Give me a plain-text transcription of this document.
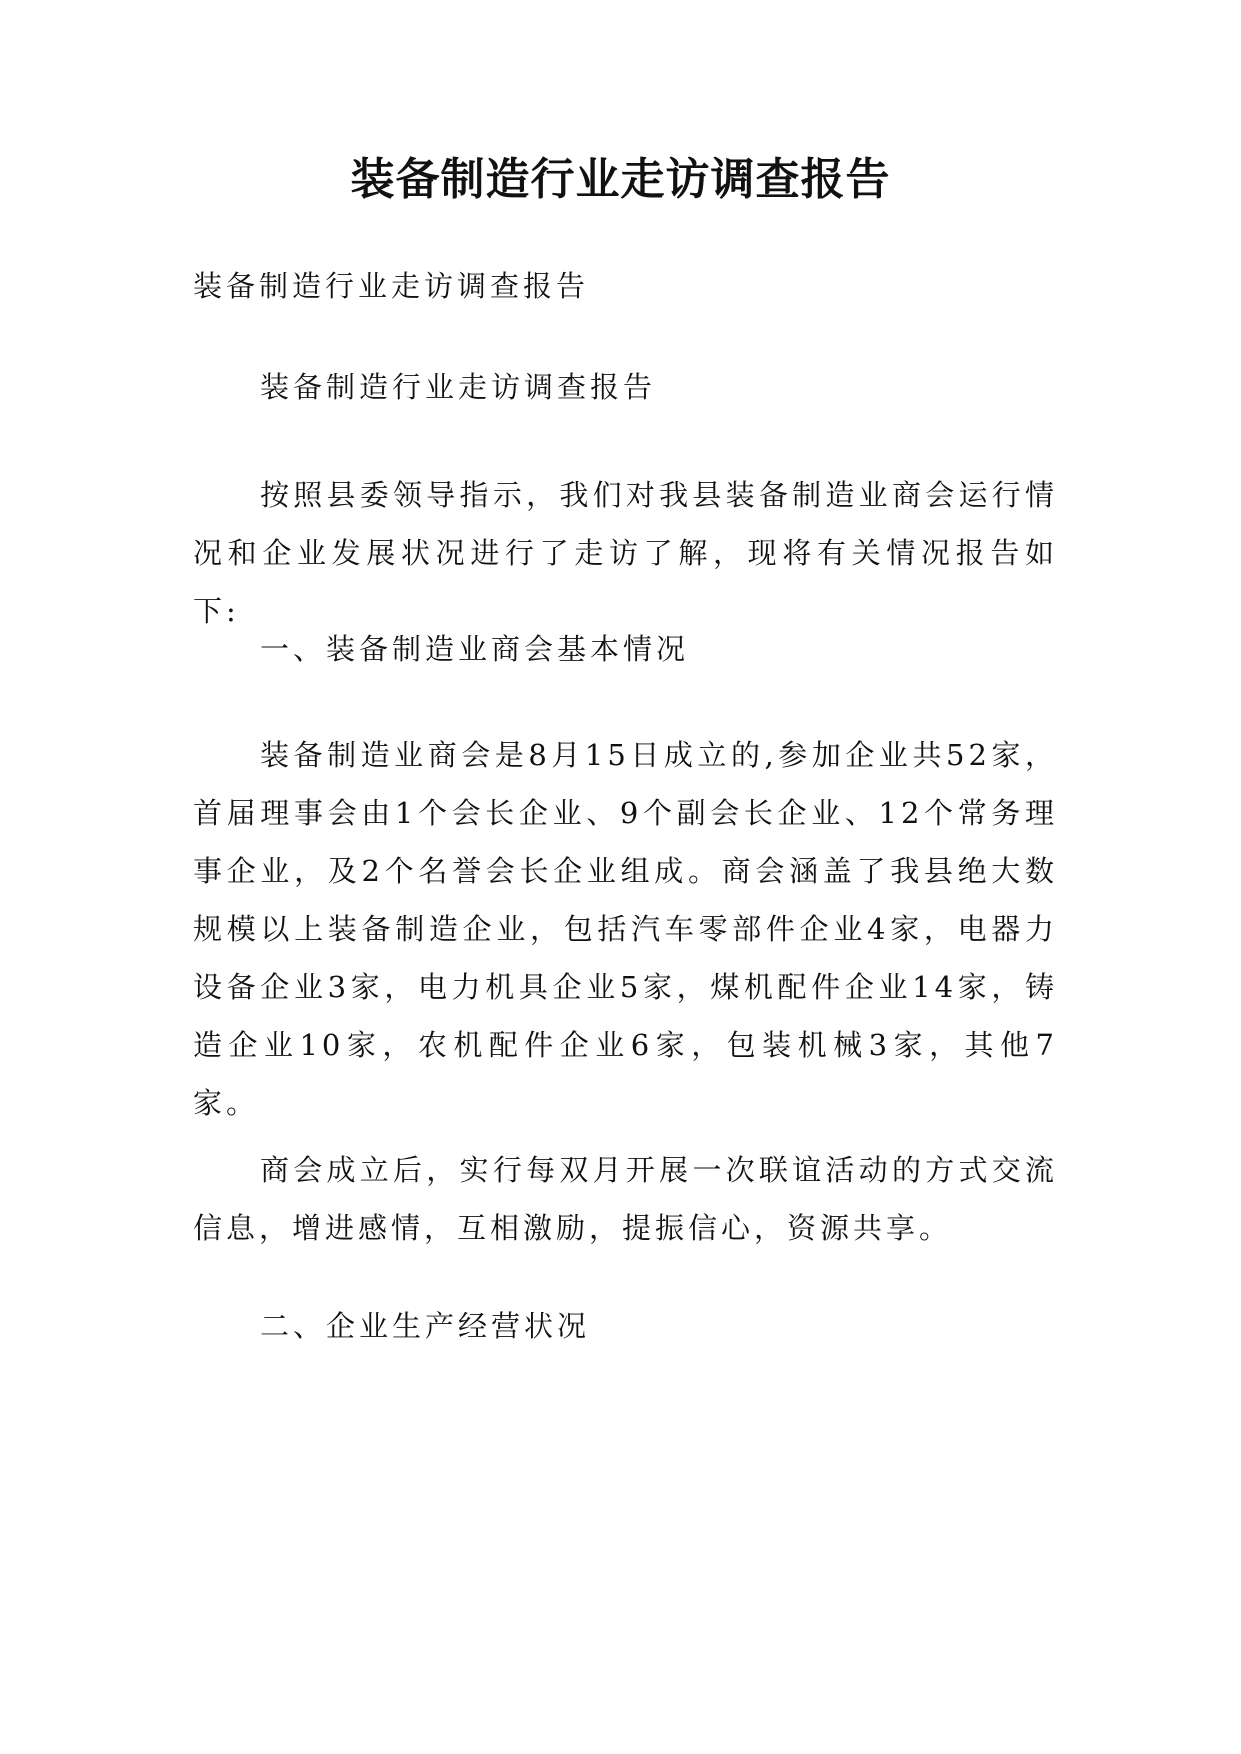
装备制造行业走访调查报告
装备制造行业走访调查报告
装备制造行业走访调查报告
按照县委领导指示，我们对我县装备制造业商会运行情况和企业发展状况进行了走访了解，现将有关情况报告如下:
一、装备制造业商会基本情况
装备制造业商会是8月15日成立的,参加企业共52家，首届理事会由1个会长企业、9个副会长企业、12个常务理事企业，及2个名誉会长企业组成。商会涵盖了我县绝大数规模以上装备制造企业，包括汽车零部件企业4家，电器力设备企业3家，电力机具企业5家，煤机配件企业14家，铸造企业10家，农机配件企业6家，包装机械3家，其他7家。
商会成立后，实行每双月开展一次联谊活动的方式交流信息，增进感情，互相激励，提振信心，资源共享。
二、企业生产经营状况
